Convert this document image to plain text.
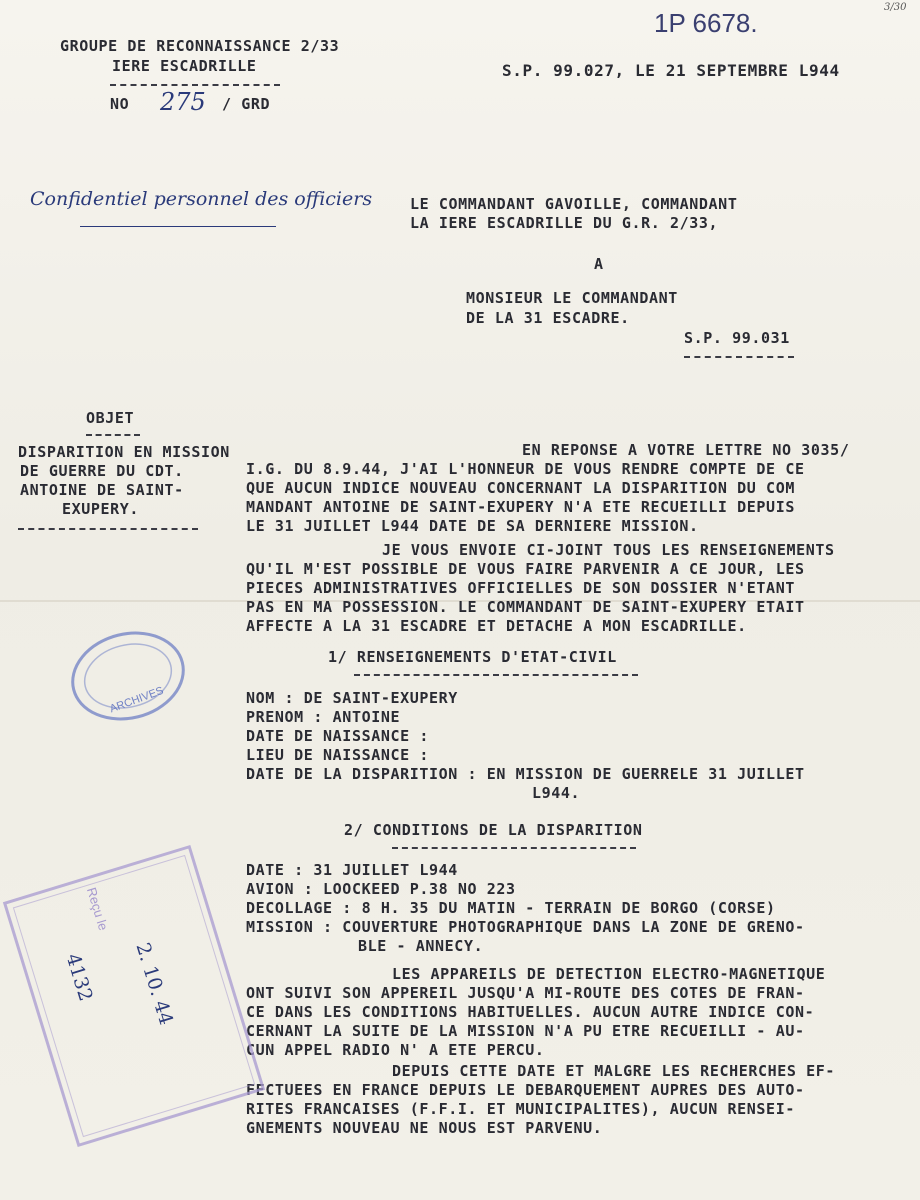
1P 6678.
3/30
GROUPE DE RECONNAISSANCE 2/33
IERE ESCADRILLE
NO 275 / GRD
S.P. 99.027, LE 21 SEPTEMBRE L944
Confidentiel personnel des officiers	LE COMMANDANT GAVOILLE, COMMANDANT
LA IERE ESCADRILLE DU G.R. 2/33,
A
MONSIEUR LE COMMANDANT
DE LA 31 ESCADRE.
S.P. 99.031
OBJET
DISPARITION EN MISSION
DE GUERRE DU CDT.
ANTOINE DE SAINT-
EXUPERY.
EN REPONSE A VOTRE LETTRE NO 3035/
I.G. DU 8.9.44, J'AI L'HONNEUR DE VOUS RENDRE COMPTE DE CE
QUE AUCUN INDICE NOUVEAU CONCERNANT LA DISPARITION DU COM
MANDANT ANTOINE DE SAINT-EXUPERY N'A ETE RECUEILLI DEPUIS
LE 31 JUILLET L944 DATE DE SA DERNIERE MISSION.
JE VOUS ENVOIE CI-JOINT TOUS LES RENSEIGNEMENTS
QU'IL M'EST POSSIBLE DE VOUS FAIRE PARVENIR A CE JOUR, LES
PIECES ADMINISTRATIVES OFFICIELLES DE SON DOSSIER N'ETANT
PAS EN MA POSSESSION. LE COMMANDANT DE SAINT-EXUPERY ETAIT
AFFECTE A LA 31 ESCADRE ET DETACHE A MON ESCADRILLE.
1/ RENSEIGNEMENTS D'ETAT-CIVIL
NOM : DE SAINT-EXUPERY
PRENOM : ANTOINE
DATE DE NAISSANCE :
LIEU DE NAISSANCE :
DATE DE LA DISPARITION : EN MISSION DE GUERRELE 31 JUILLET
L944.
2/ CONDITIONS DE LA DISPARITION
DATE : 31 JUILLET L944
AVION : LOOCKEED P.38 NO 223
DECOLLAGE : 8 H. 35 DU MATIN - TERRAIN DE BORGO (CORSE)
MISSION : COUVERTURE PHOTOGRAPHIQUE DANS LA ZONE DE GRENO-
BLE - ANNECY.
LES APPAREILS DE DETECTION ELECTRO-MAGNETIQUE
ONT SUIVI SON APPEREIL JUSQU'A MI-ROUTE DES COTES DE FRAN-
CE DANS LES CONDITIONS HABITUELLES. AUCUN AUTRE INDICE CON-
CERNANT LA SUITE DE LA MISSION N'A PU ETRE RECUEILLI - AU-
CUN APPEL RADIO N' A ETE PERCU.
DEPUIS CETTE DATE ET MALGRE LES RECHERCHES EF-
FECTUEES EN FRANCE DEPUIS LE DEBARQUEMENT AUPRES DES AUTO-
RITES FRANCAISES (F.F.I. ET MUNICIPALITES), AUCUN RENSEI-
GNEMENTS NOUVEAU NE NOUS EST PARVENU.
ARCHIVES
Reçu le
4132 2. 10. 44
